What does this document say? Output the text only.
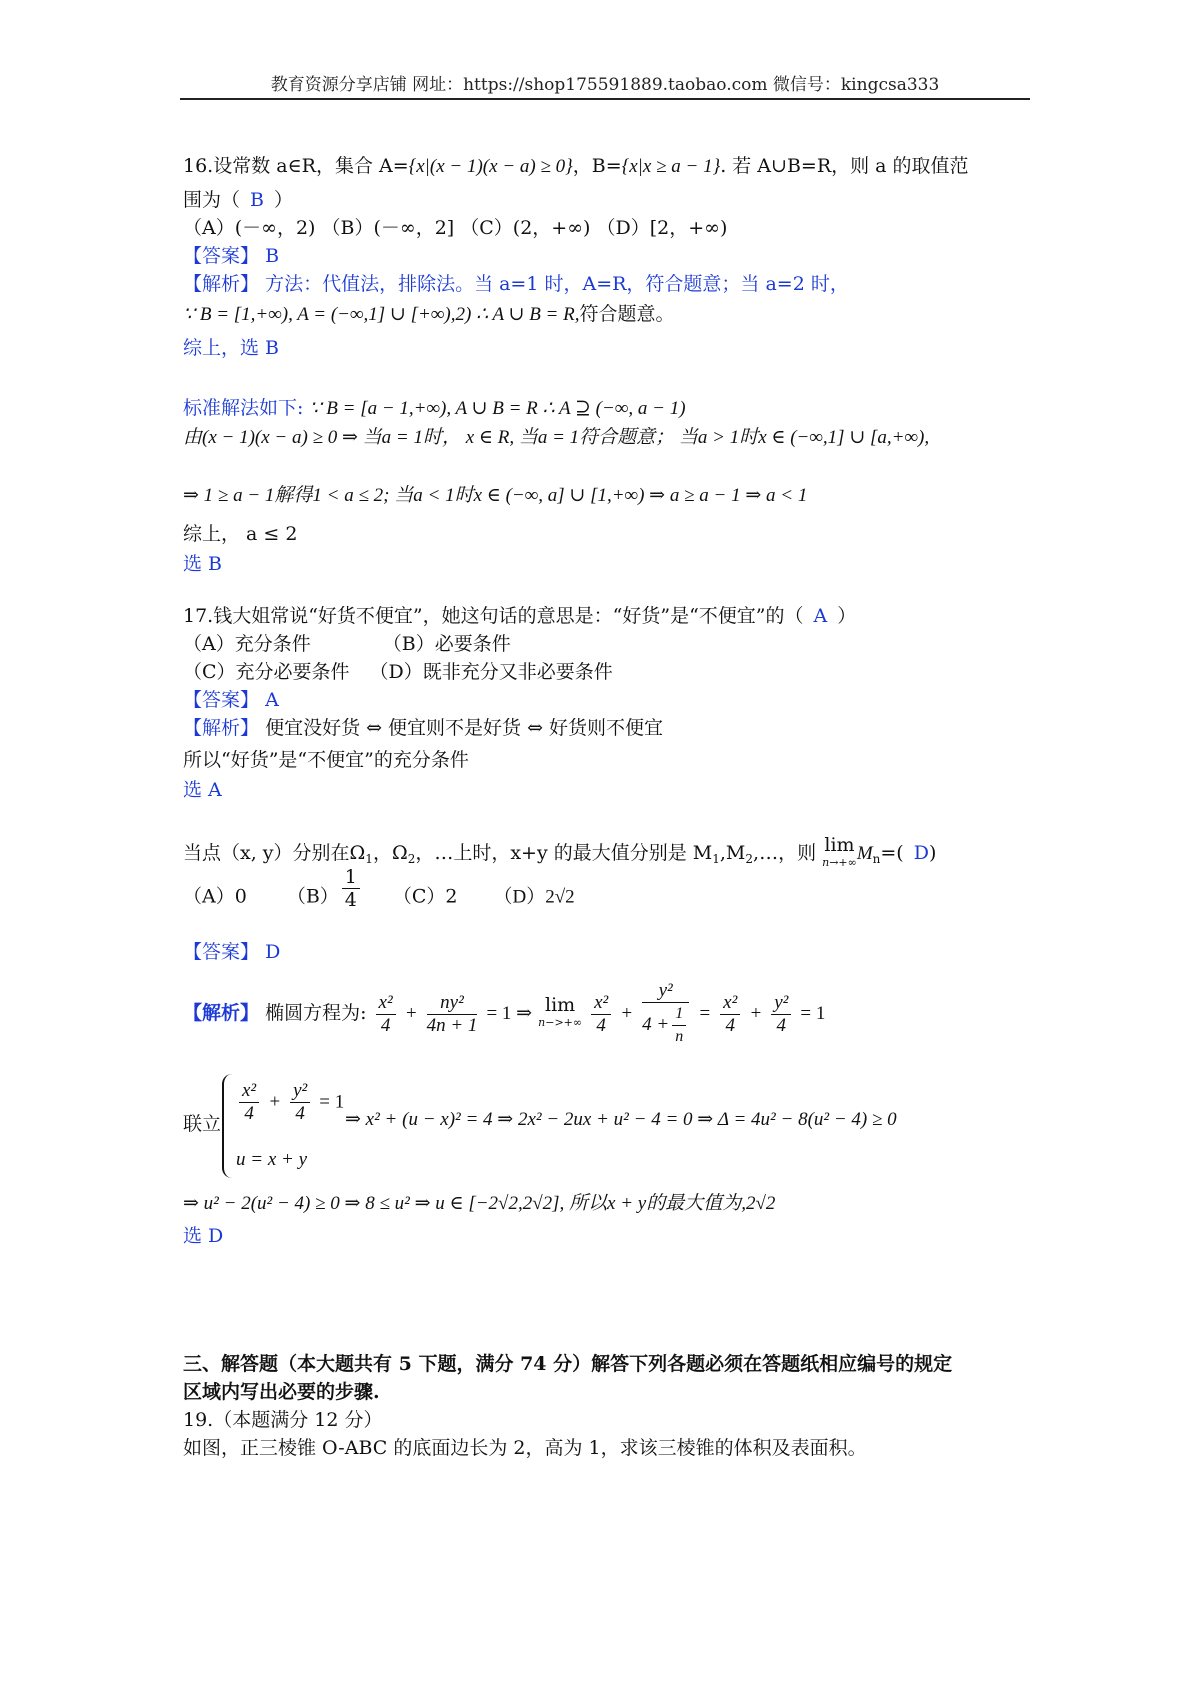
教育资源分享店铺 网址：https://shop175591889.taobao.com 微信号：kingcsa333
16.设常数 a∈R，集合 A={x|(x − 1)(x − a) ≥ 0}，B={x|x ≥ a − 1}. 若 A∪B=R，则 a 的取值范
围为（ B ）
（A）(－∞，2) （B）(－∞，2] （C）(2，+∞) （D）[2，+∞)
【答案】 B
【解析】 方法：代值法，排除法。当 a=1 时，A=R，符合题意；当 a=2 时，
∵ B = [1,+∞), A = (−∞,1] ∪ [+∞),2) ∴ A ∪ B = R,符合题意。
综上，选 B
标准解法如下: ∵ B = [a − 1,+∞), A ∪ B = R ∴ A ⊇ (−∞, a − 1)
由(x − 1)(x − a) ≥ 0 ⇒ 当a = 1时， x ∈ R, 当a = 1符合题意； 当a > 1时x ∈ (−∞,1] ∪ [a,+∞),
⇒ 1 ≥ a − 1解得1 < a ≤ 2; 当a < 1时x ∈ (−∞, a] ∪ [1,+∞) ⇒ a ≥ a − 1 ⇒ a < 1
综上， a ≤ 2
选 B
17.钱大姐常说“好货不便宜”，她这句话的意思是：“好货”是“不便宜”的（ A ）
（A）充分条件	（B）必要条件
（C）充分必要条件 （D）既非充分又非必要条件
【答案】 A
【解析】 便宜没好货 ⇔ 便宜则不是好货 ⇔ 好货则不便宜
所以“好货”是“不便宜”的充分条件
选 A
当点（x, y）分别在$\Omega_1$，$\Omega_2$，…上时，x+y 的最大值分别是 $M_1,M_2,\dots$，则 lim
n→+∞ $M_n=$( D)
（A）0 $(B) \frac{1}{4} (C)2$ （D）2√2
【答案】 D
【解析】 椭圆方程为: $\frac{\text{x²}}{4} + \frac{\text{ny²}}{4n + 1} = 1$ ⇒ lim
n−>+∞
$\frac{\text{x²}}{4} + \frac{\text{y²}}{4 + \frac{1}{n}} = \frac{\text{x²}}{4} + \frac{\text{y²}}{4} = 1$
联立 $\frac{\text{x²}}{4} + \frac{\text{y²}}{4} = 1$
⇒ x² + (u − x)² = 4 ⇒ 2x² − 2ux + u² − 4 = 0 ⇒ Δ = 4u² − 8(u² − 4) ≥ 0
u = x + y
⇒ u² − 2(u² − 4) ≥ 0 ⇒ 8 ≤ u² ⇒ u ∈ [−2√2,2√2], 所以x + y的最大值为,2√2
选 D
三、解答题（本大题共有 5 下题，满分 74 分）解答下列各题必须在答题纸相应编号的规定
区域内写出必要的步骤.
19.（本题满分 12 分）
如图，正三棱锥 O-ABC 的底面边长为 2，高为 1，求该三棱锥的体积及表面积。
